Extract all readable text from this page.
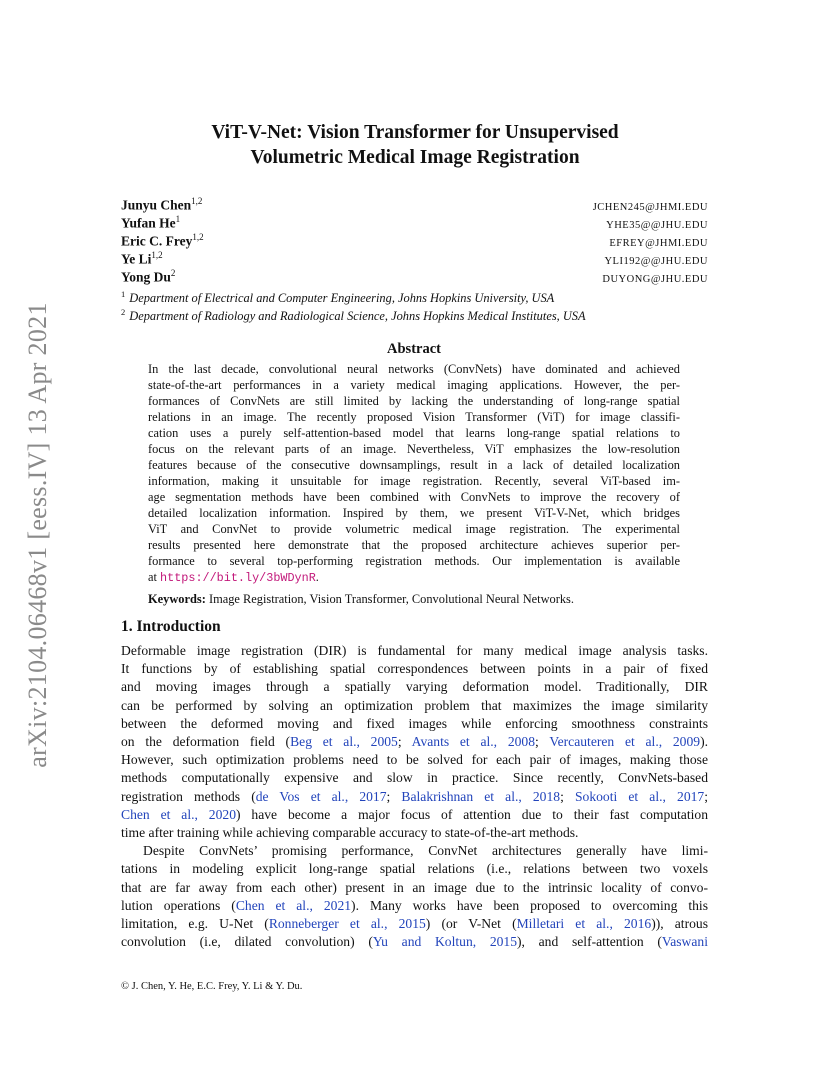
arXiv:2104.06468v1 [eess.IV] 13 Apr 2021
ViT-V-Net: Vision Transformer for Unsupervised
Volumetric Medical Image Registration
Junyu Chen$^{1,2}$
JCHEN245@JHMI.EDU
Yufan He$^1$
YHE35@@JHU.EDU
Eric C. Frey$^{1,2}$
EFREY@JHMI.EDU
Ye Li$^{1,2}$
YLI192@@JHU.EDU
Yong Du$^2$
DUYONG@JHU.EDU
$^1$ Department of Electrical and Computer Engineering, Johns Hopkins University, USA
$^2$ Department of Radiology and Radiological Science, Johns Hopkins Medical Institutes, USA
Abstract
In the last decade, convolutional neural networks (ConvNets) have dominated and achieved
state-of-the-art performances in a variety medical imaging applications. However, the per-
formances of ConvNets are still limited by lacking the understanding of long-range spatial
relations in an image. The recently proposed Vision Transformer (ViT) for image classifi-
cation uses a purely self-attention-based model that learns long-range spatial relations to
focus on the relevant parts of an image. Nevertheless, ViT emphasizes the low-resolution
features because of the consecutive downsamplings, result in a lack of detailed localization
information, making it unsuitable for image registration. Recently, several ViT-based im-
age segmentation methods have been combined with ConvNets to improve the recovery of
detailed localization information. Inspired by them, we present ViT-V-Net, which bridges
ViT and ConvNet to provide volumetric medical image registration. The experimental
results presented here demonstrate that the proposed architecture achieves superior per-
formance to several top-performing registration methods. Our implementation is available
at https://bit.ly/3bWDynR.
Keywords: Image Registration, Vision Transformer, Convolutional Neural Networks.
1. Introduction
Deformable image registration (DIR) is fundamental for many medical image analysis tasks.
It functions by of establishing spatial correspondences between points in a pair of fixed
and moving images through a spatially varying deformation model. Traditionally, DIR
can be performed by solving an optimization problem that maximizes the image similarity
between the deformed moving and fixed images while enforcing smoothness constraints
on the deformation field (Beg et al., 2005; Avants et al., 2008; Vercauteren et al., 2009).
However, such optimization problems need to be solved for each pair of images, making those
methods computationally expensive and slow in practice. Since recently, ConvNets-based
registration methods (de Vos et al., 2017; Balakrishnan et al., 2018; Sokooti et al., 2017;
Chen et al., 2020) have become a major focus of attention due to their fast computation
time after training while achieving comparable accuracy to state-of-the-art methods.
Despite ConvNets’ promising performance, ConvNet architectures generally have limi-
tations in modeling explicit long-range spatial relations (i.e., relations between two voxels
that are far away from each other) present in an image due to the intrinsic locality of convo-
lution operations (Chen et al., 2021). Many works have been proposed to overcoming this
limitation, e.g. U-Net (Ronneberger et al., 2015) (or V-Net (Milletari et al., 2016)), atrous
convolution (i.e, dilated convolution) (Yu and Koltun, 2015), and self-attention (Vaswani
© J. Chen, Y. He, E.C. Frey, Y. Li & Y. Du.
